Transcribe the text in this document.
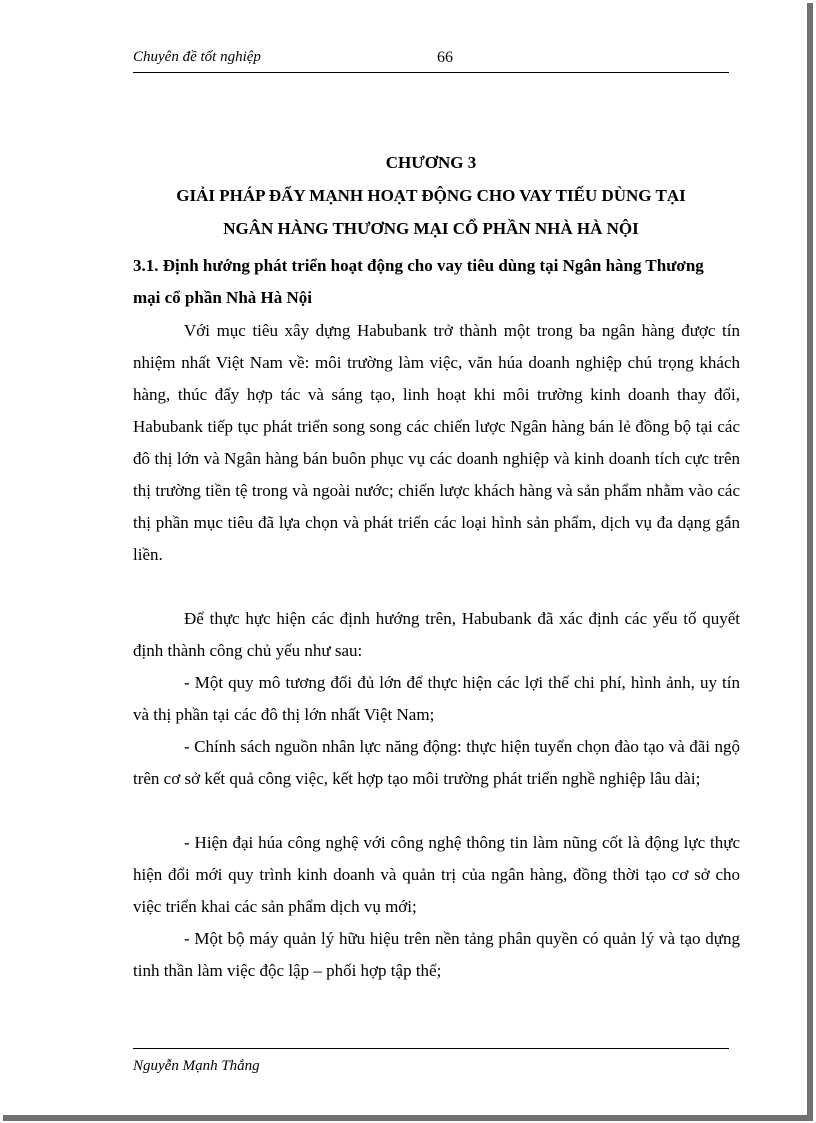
Chuyên đề tốt nghiệp	66
CHƯƠNG 3
GIẢI PHÁP ĐẨY MẠNH HOẠT ĐỘNG CHO VAY TIẾU DÙNG TẠI
NGÂN HÀNG THƯƠNG MẠI CỔ PHẦN NHÀ HÀ NỘI
3.1. Định hướng phát triển hoạt động cho vay tiêu dùng tại Ngân hàng Thương mại cổ phần Nhà Hà Nội

Với mục tiêu xây dựng Habubank trở thành một trong ba ngân hàng được tín nhiệm nhất Việt Nam về: môi trường làm việc, văn húa doanh nghiệp chú trọng khách hàng, thúc đẩy hợp tác và sáng tạo, linh hoạt khi môi trường kinh doanh thay đổi, Habubank tiếp tục phát triển song song các chiến lược Ngân hàng bán lẻ đồng bộ tại các đô thị lớn và Ngân hàng bán buôn phục vụ các doanh nghiệp và kinh doanh tích cực trên thị trường tiền tệ trong và ngoài nước; chiến lược khách hàng và sản phẩm nhằm vào các thị phần mục tiêu đã lựa chọn và phát triển các loại hình sản phẩm, dịch vụ đa dạng gắn liền.

Để thực hực hiện các định hướng trên, Habubank đã xác định các yếu tố quyết định thành công chủ yếu như sau:

- Một quy mô tương đối đủ lớn để thực hiện các lợi thế chi phí, hình ảnh, uy tín và thị phần tại các đô thị lớn nhất Việt Nam;

- Chính sách nguồn nhân lực năng động: thực hiện tuyển chọn đào tạo và đãi ngộ trên cơ sở kết quả công việc, kết hợp tạo môi trường phát triển nghề nghiệp lâu dài;

- Hiện đại húa công nghệ với công nghệ thông tin làm nũng cốt là động lực thực hiện đổi mới quy trình kinh doanh và quản trị của ngân hàng, đồng thời tạo cơ sở cho việc triển khai các sản phẩm dịch vụ mới;

- Một bộ máy quản lý hữu hiệu trên nền tảng phân quyền có quản lý và tạo dựng tinh thần làm việc độc lập – phối hợp tập thể;

Nguyễn Mạnh Thắng
